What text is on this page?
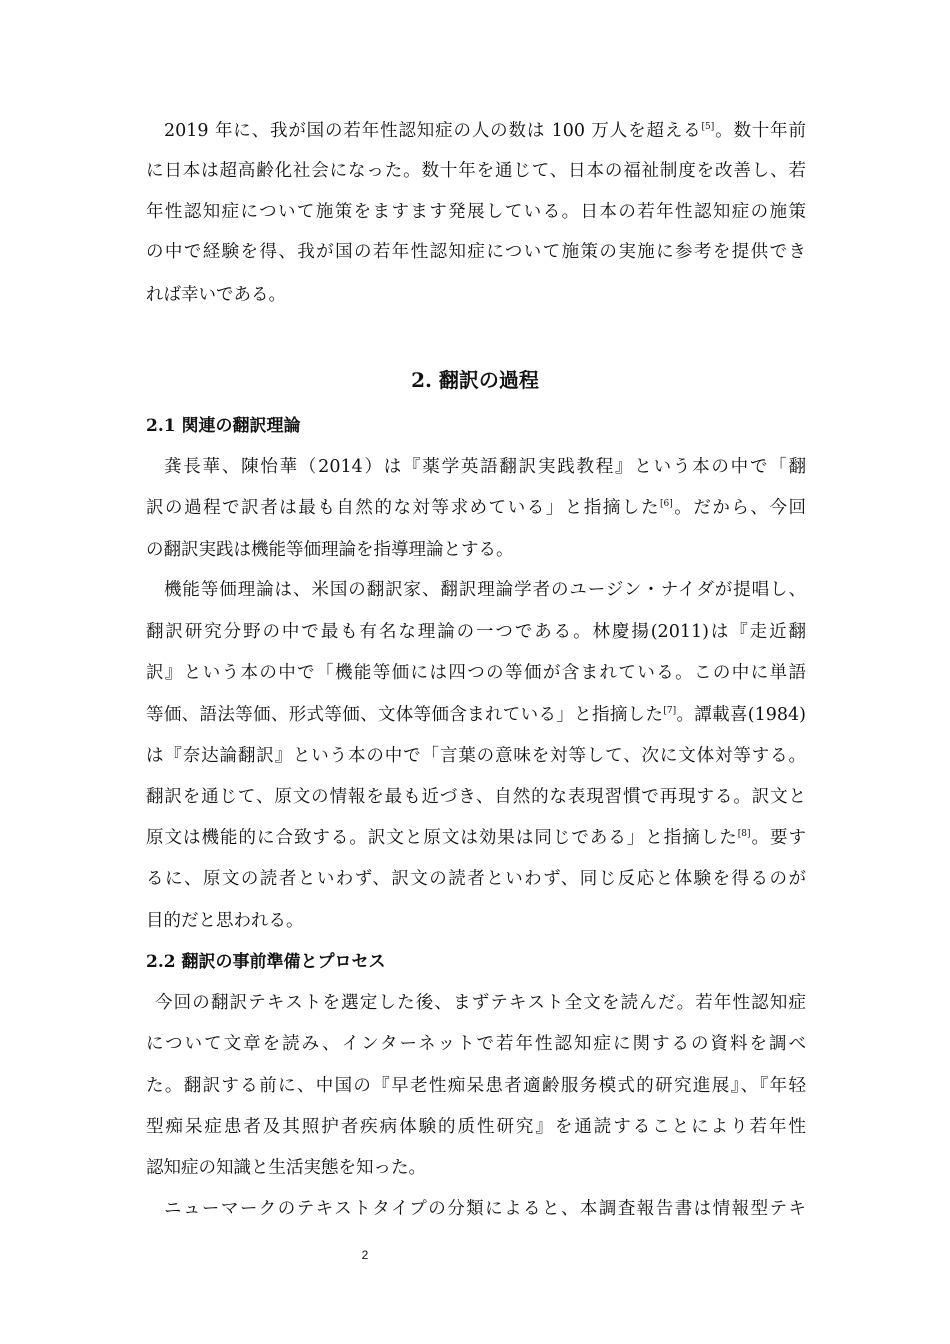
2019 年に、我が国の若年性認知症の人の数は 100 万人を超える[5]。数十年前
に日本は超高齢化社会になった。数十年を通じて、日本の福祉制度を改善し、若
年性認知症について施策をますます発展している。日本の若年性認知症の施策
の中で経験を得、我が国の若年性認知症について施策の実施に参考を提供でき
れば幸いである。
2. 翻訳の過程
2.1 関連の翻訳理論
龚長華、陳怡華（2014）は『薬学英語翻訳実践教程』という本の中で「翻
訳の過程で訳者は最も自然的な対等求めている」と指摘した[6]。だから、今回
の翻訳実践は機能等価理論を指導理論とする。
機能等価理論は、米国の翻訳家、翻訳理論学者のユージン・ナイダが提唱し、
翻訳研究分野の中で最も有名な理論の一つである。林慶揚(2011)は『走近翻
訳』という本の中で「機能等価には四つの等価が含まれている。この中に単語
等価、語法等価、形式等価、文体等価含まれている」と指摘した[7]。譚載喜(1984)
は『奈达論翻訳』という本の中で「言葉の意味を対等して、次に文体対等する。
翻訳を通じて、原文の情報を最も近づき、自然的な表現習慣で再現する。訳文と
原文は機能的に合致する。訳文と原文は効果は同じである」と指摘した[8]。要す
るに、原文の読者といわず、訳文の読者といわず、同じ反応と体験を得るのが
目的だと思われる。
2.2 翻訳の事前準備とプロセス
今回の翻訳テキストを選定した後、まずテキスト全文を読んだ。若年性認知症
について文章を読み、インターネットで若年性認知症に関するの資料を調べ
た。翻訳する前に、中国の『早老性痴呆患者適齢服务模式的研究進展』、『年轻
型痴呆症患者及其照护者疾病体験的质性研究』を通読することにより若年性
認知症の知識と生活実態を知った。
ニューマークのテキストタイプの分類によると、本調査報告書は情報型テキ
2
